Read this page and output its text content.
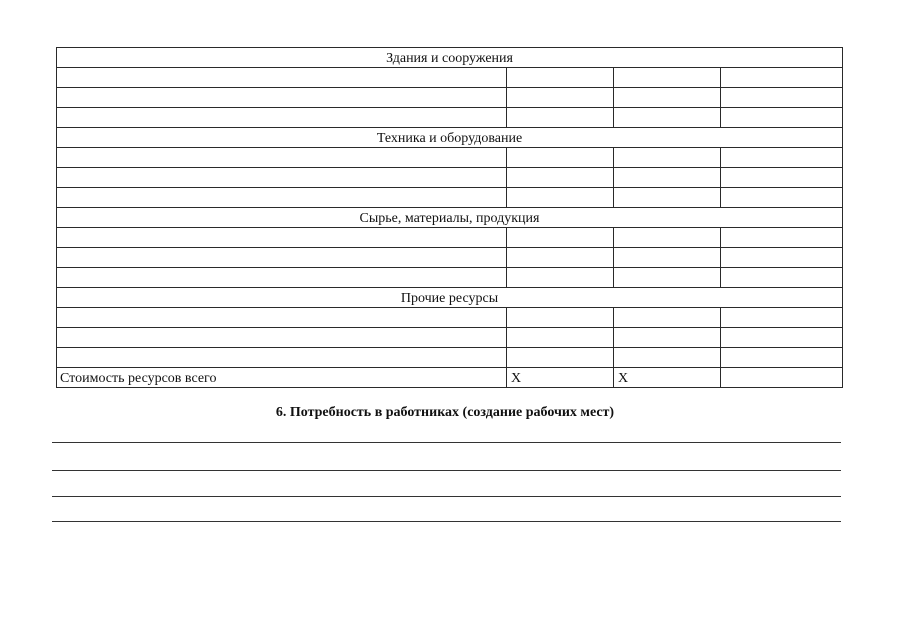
Здания и сооружения			

Техника и оборудование			

Сырье, материалы, продукция			

Прочие ресурсы			

Стоимость ресурсов всего	X	X	
6. Потребность в работниках (создание рабочих мест)
